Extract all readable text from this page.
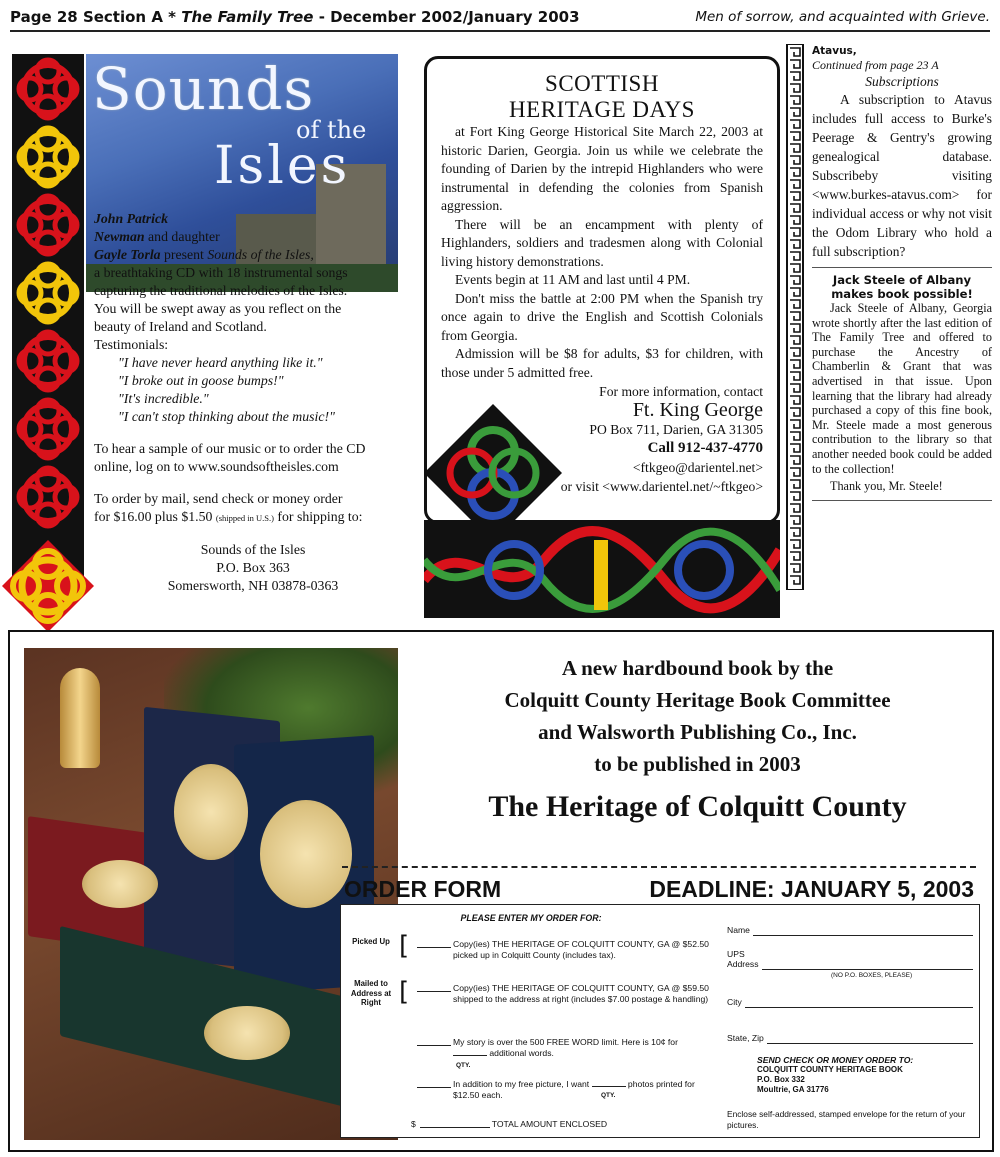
Page 28 Section A * The Family Tree - December 2002/January 2003	Men of sorrow, and acquainted with Grieve.
Sounds
of the
Isles

John Patrick

Newman and daughter

Gayle Torla present Sounds of the Isles,

a breathtaking CD with 18 instrumental songs

capturing the traditional melodies of the Isles.

You will be swept away as you reflect on the

beauty of Ireland and Scotland.

Testimonials:

"I have never heard anything like it."

"I broke out in goose bumps!"

"It's incredible."

"I can't stop thinking about the music!"

To hear a sample of our music or to order the CD

online, log on to www.soundsoftheisles.com

To order by mail, send check or money order

for $16.00 plus $1.50 (shipped in U.S.) for shipping to:

Sounds of the Isles

P.O. Box 363

Somersworth, NH 03878-0363

SCOTTISH
HERITAGE DAYS

at Fort King George Historical Site March 22, 2003 at historic Darien, Georgia. Join us while we celebrate the founding of Darien by the intrepid Highlanders who were instrumental in defending the colonies from Spanish aggression.

There will be an encampment with plenty of Highlanders, soldiers and tradesmen along with Colonial living history demonstrations.

Events begin at 11 AM and last until 4 PM.

Don't miss the battle at 2:00 PM when the Spanish try once again to drive the English and Scottish Colonials from Georgia.

Admission will be $8 for adults, $3 for children, with those under 5 admitted free.

For more information, contact
Ft. King George
PO Box 711, Darien, GA 31305
Call 912-437-4770
<ftkgeo@darientel.net>
or visit <www.darientel.net/~ftkgeo>
Atavus,
Continued from page 23 A
Subscriptions

A subscription to Atavus includes full access to Burke's Peerage & Gentry's growing genealogical database. Subscribeby visiting <www.burkes-atavus.com> for individual access or why not visit the Odom Library who hold a full subscription?

Jack Steele of Albany makes book possible!

Jack Steele of Albany, Georgia wrote shortly after the last edition of The Family Tree and offered to purchase the Ancestry of Chamberlin & Grant that was advertised in that issue. Upon learning that the library had already purchased a copy of this fine book, Mr. Steele made a most generous contribution to the library so that another needed book could be added to the collection!

Thank you, Mr. Steele!

A new hardbound book by the
Colquitt County Heritage Book Committee
and Walsworth Publishing Co., Inc.
to be published in 2003
The Heritage of Colquitt County
ORDER FORM	DEADLINE: JANUARY 5, 2003
PLEASE ENTER MY ORDER FOR:
Picked Up [	Copy(ies) THE HERITAGE OF COLQUITT COUNTY, GA @ $52.50 picked up in Colquitt County (includes tax).
Mailed to Address at Right [	Copy(ies) THE HERITAGE OF COLQUITT COUNTY, GA @ $59.50 shipped to the address at right (includes $7.00 postage & handling)
My story is over the 500 FREE WORD limit. Here is 10¢ for
additional words.
QTY.
In addition to my free picture, I want	photos printed for
$12.50 each.	QTY.
$	TOTAL AMOUNT ENCLOSED
Name
UPS
Address
(NO P.O. BOXES, PLEASE)
City
State, Zip
SEND CHECK OR MONEY ORDER TO:
COLQUITT COUNTY HERITAGE BOOK
P.O. Box 332
Moultrie, GA 31776
Enclose self-addressed, stamped envelope for the return of your pictures.
